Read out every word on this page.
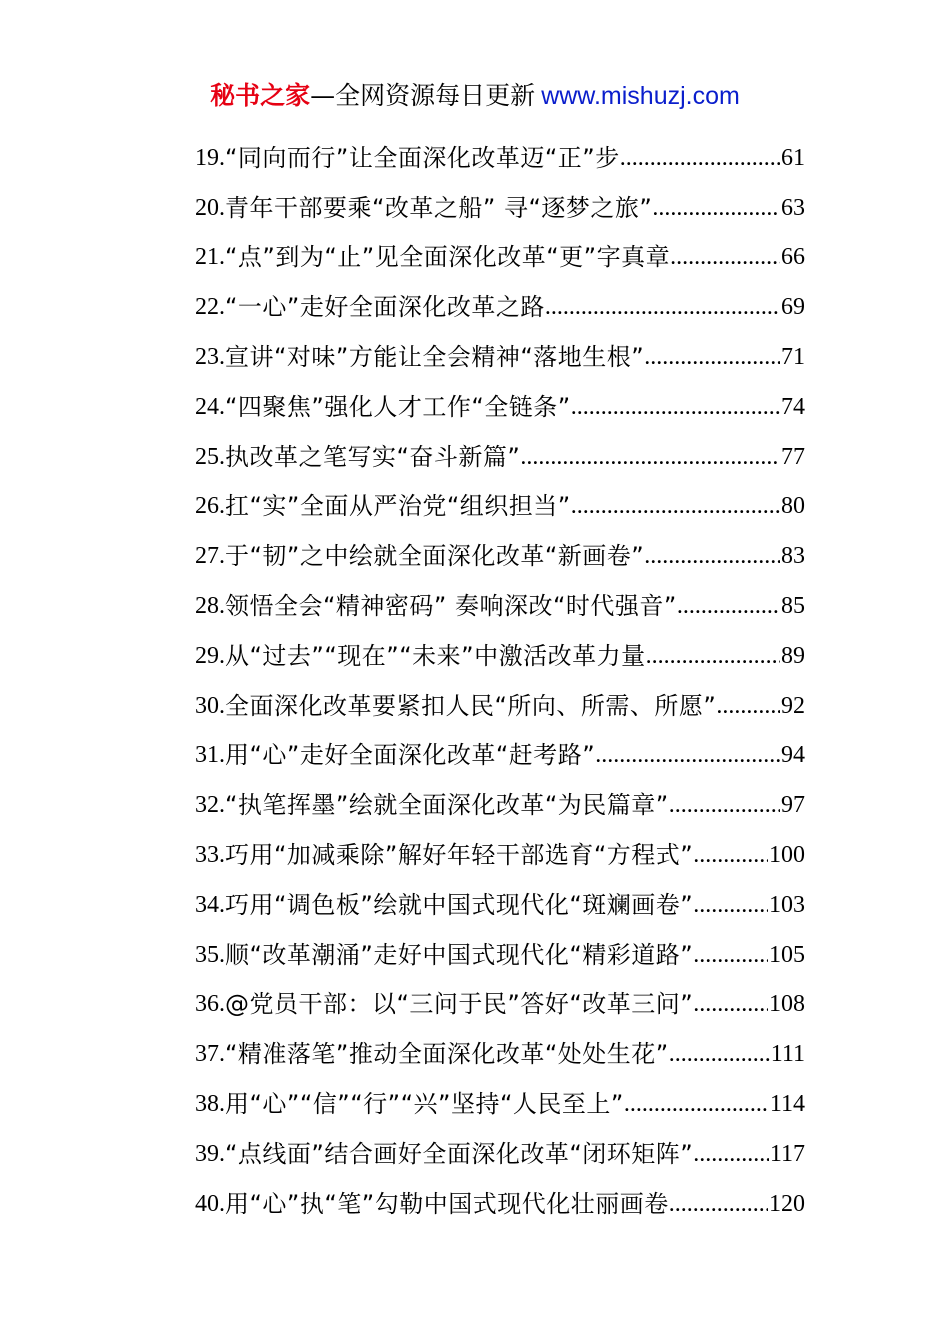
秘书之家—全网资源每日更新 www.mishuzj.com
19. “同向而行”让全面深化改革迈“正”步 .....	61
20. 青年干部要乘“改革之船” 寻“逐梦之旅” .....	63
21. “点”到为“止”见全面深化改革“更”字真章 .....	66
22. “一心”走好全面深化改革之路 .....	69
23. 宣讲“对味”方能让全会精神“落地生根” .....	71
24. “四聚焦”强化人才工作“全链条” .....	74
25. 执改革之笔写实“奋斗新篇” .....	77
26. 扛“实”全面从严治党“组织担当” .....	80
27. 于“韧”之中绘就全面深化改革“新画卷” .....	83
28. 领悟全会“精神密码” 奏响深改“时代强音” .....	85
29. 从“过去”“现在”“未来”中激活改革力量 .....	89
30. 全面深化改革要紧扣人民“所向、所需、所愿” .....	92
31. 用“心”走好全面深化改革“赶考路” .....	94
32. “执笔挥墨”绘就全面深化改革“为民篇章” .....	97
33. 巧用“加减乘除”解好年轻干部选育“方程式” .....	100
34. 巧用“调色板”绘就中国式现代化“斑斓画卷” .....	103
35. 顺“改革潮涌”走好中国式现代化“精彩道路” .....	105
36. @党员干部：以“三问于民”答好“改革三问” .....	108
37. “精准落笔”推动全面深化改革“处处生花” .....	111
38. 用“心”“信”“行”“兴”坚持“人民至上” .....	114
39. “点线面”结合画好全面深化改革“闭环矩阵” .....	117
40. 用“心”执“笔”勾勒中国式现代化壮丽画卷 .....	120
